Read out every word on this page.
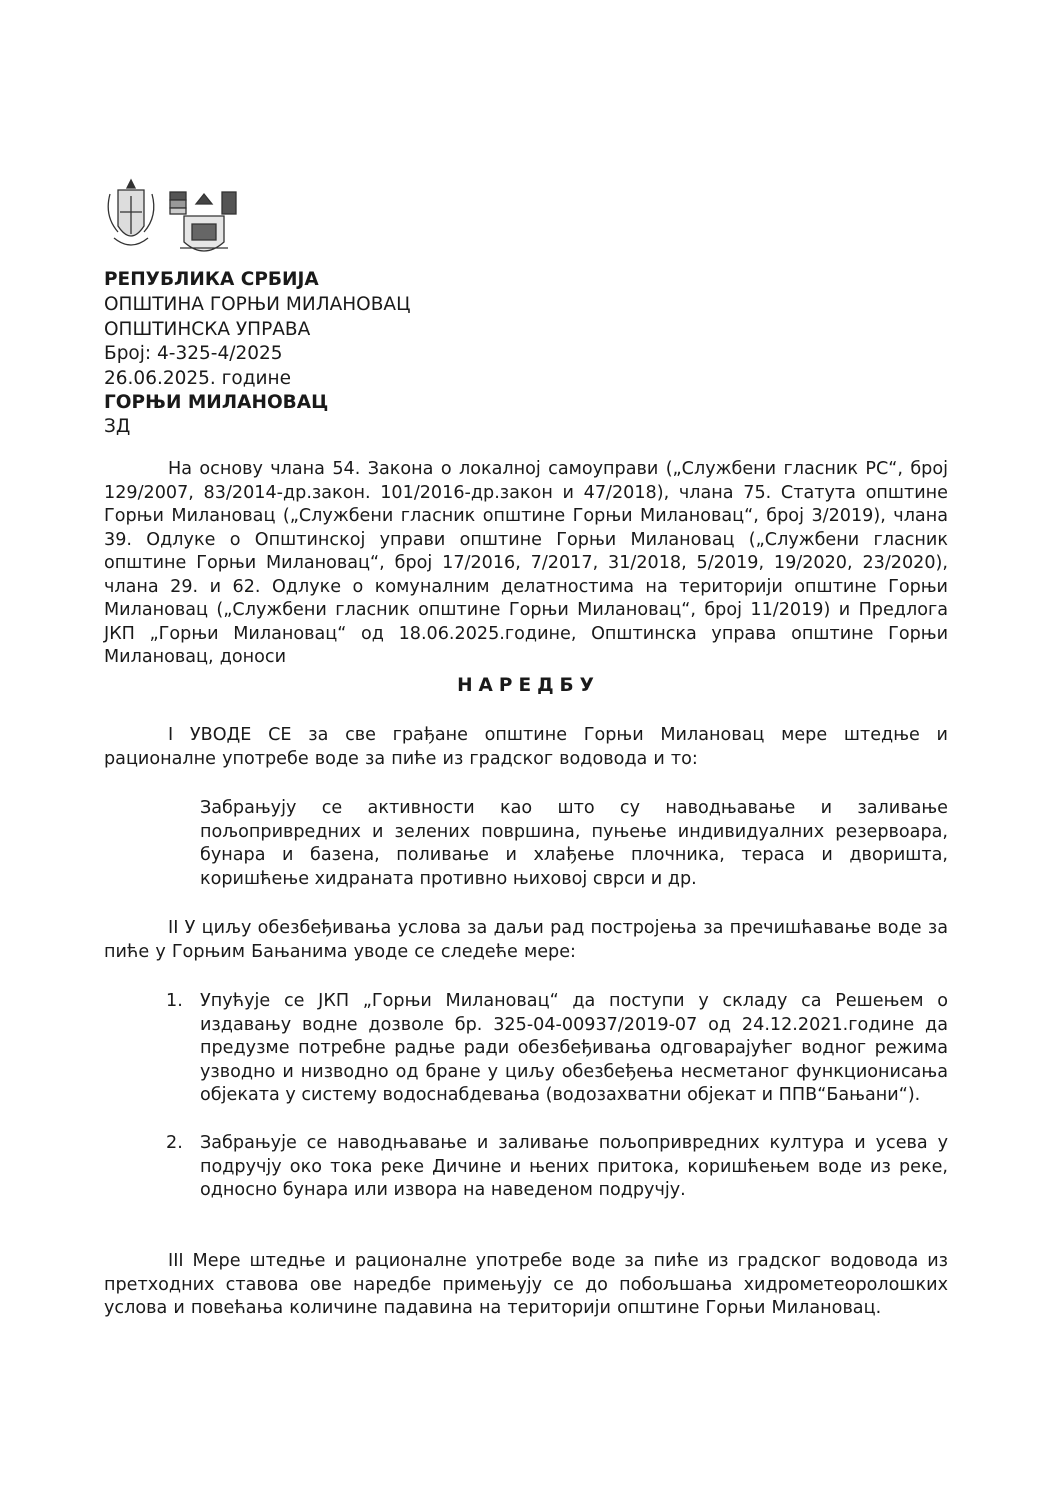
РЕПУБЛИКА СРБИЈА
ОПШТИНА ГОРЊИ МИЛАНОВАЦ
ОПШТИНСКА УПРАВА
Број: 4-325-4/2025
26.06.2025. године
ГОРЊИ МИЛАНОВАЦ
ЗД
На основу члана 54. Закона о локалној самоуправи („Службени гласник РС“, број 129/2007, 83/2014-др.закон. 101/2016-др.закон и 47/2018), члана 75. Статута општине Горњи Милановац („Службени гласник општине Горњи Милановац“, број 3/2019), члана 39. Одлуке о Општинској управи општине Горњи Милановац („Службени гласник општине Горњи Милановац“, број 17/2016, 7/2017, 31/2018, 5/2019, 19/2020, 23/2020), члана 29. и 62. Одлуке о комуналним делатностима на територији општине Горњи Милановац („Службени гласник општине Горњи Милановац“, број 11/2019) и Предлога ЈКП „Горњи Милановац“ од 18.06.2025.године, Општинска управа општине Горњи Милановац, доноси
НАРЕДБУ
I УВОДЕ СЕ за све грађане општине Горњи Милановац мере штедње и рационалне употребе воде за пиће из градског водовода и то:
Забрањују се активности као што су наводњавање и заливање пољопривредних и зелених површина, пуњење индивидуалних резервоара, бунара и базена, поливање и хлађење плочника, тераса и дворишта, коришћење хидраната противно њиховој сврси и др.
II У циљу обезбеђивања услова за даљи рад постројења за пречишћавање воде за пиће у Горњим Бањанима уводе се следеће мере:
1. Упућује се ЈКП „Горњи Милановац“ да поступи у складу са Решењем о издавању водне дозволе бр. 325-04-00937/2019-07 од 24.12.2021.године да предузме потребне радње ради обезбеђивања одговарајућег водног режима узводно и низводно од бране у циљу обезбеђења несметаног функционисања објеката у систему водоснабдевања (водозахватни објекат и ППВ“Бањани“).
2. Забрањује се наводњавање и заливање пољопривредних култура и усева у подручју око тока реке Дичине и њених притока, коришћењем воде из реке, односно бунара или извора на наведеном подручју.
III Мере штедње и рационалне употребе воде за пиће из градског водовода из претходних ставова ове наредбе примењују се до побољшања хидрометеоролошких услова и повећања количине падавина на територији општине Горњи Милановац.
